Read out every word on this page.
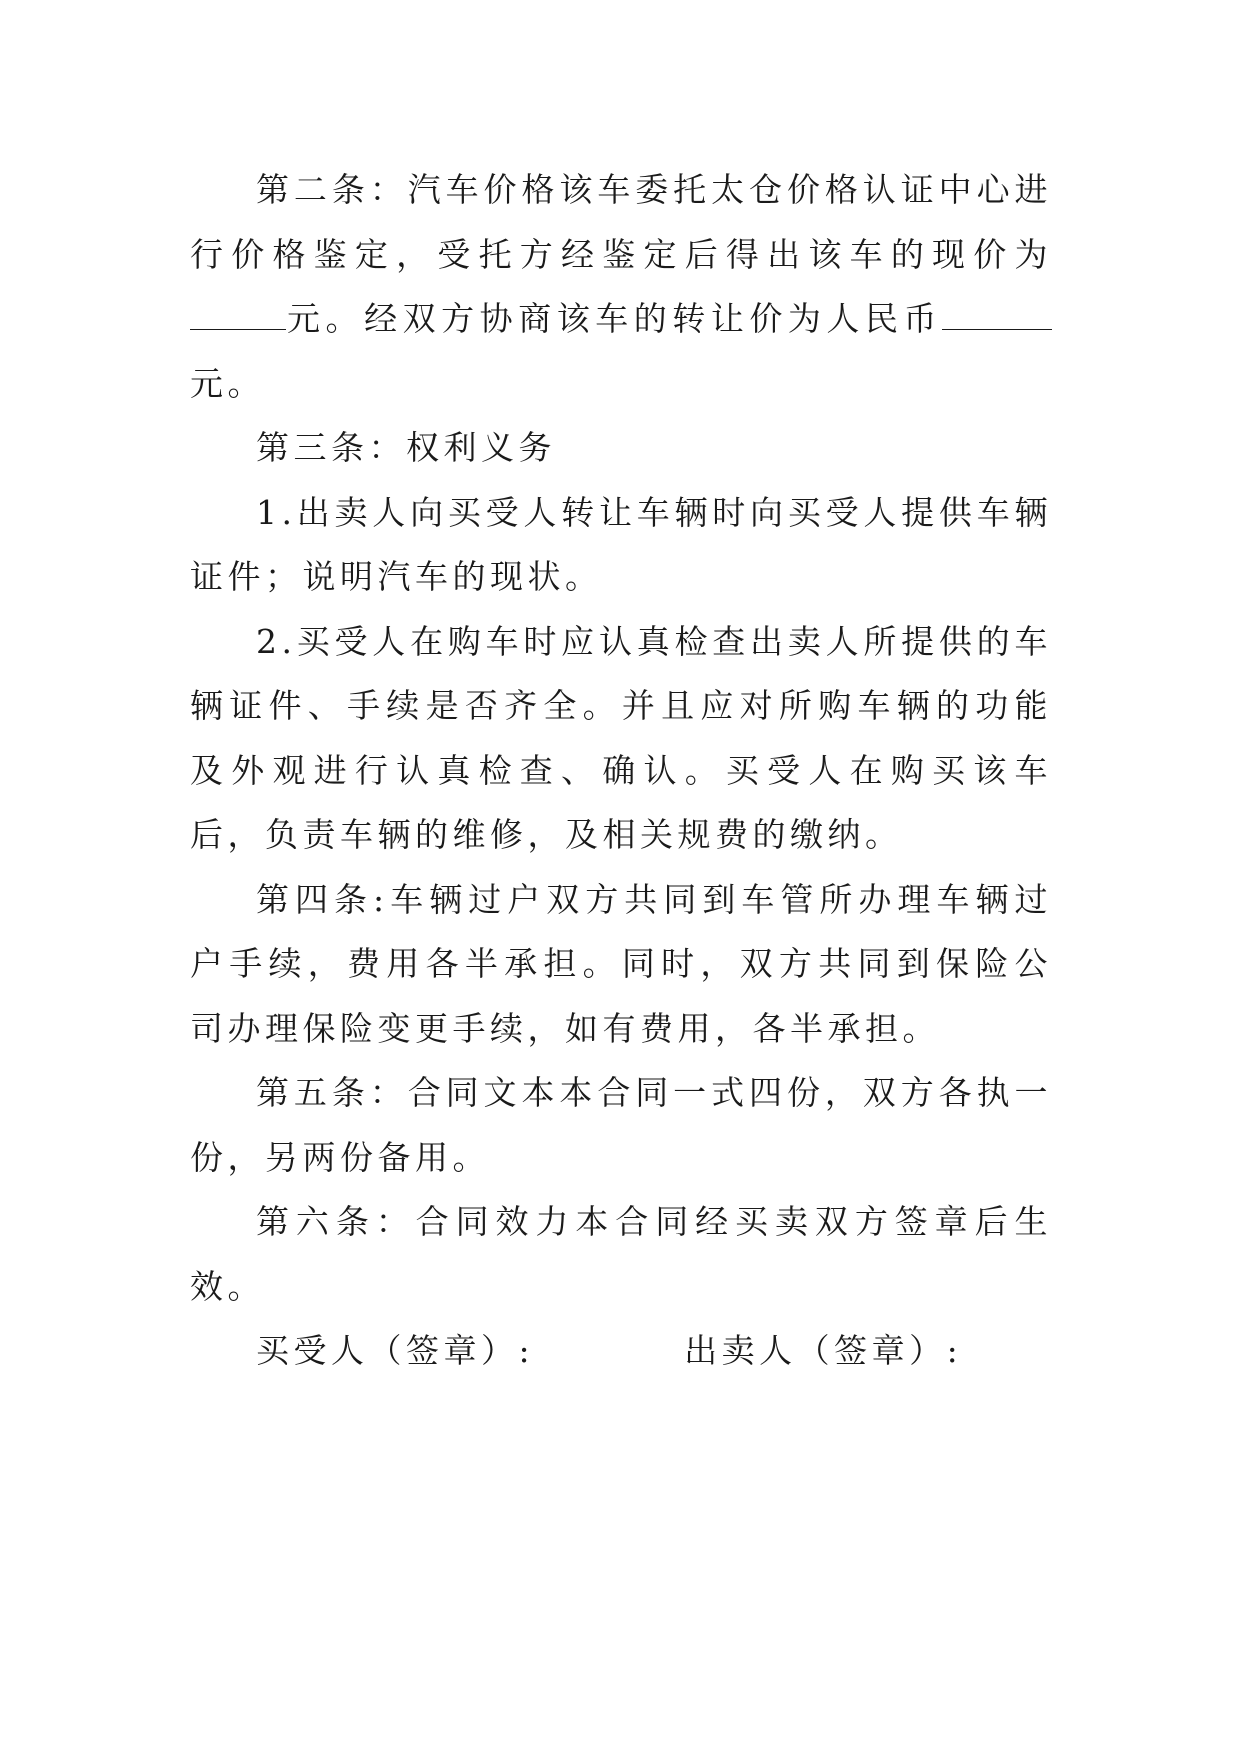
第二条：汽车价格该车委托太仓价格认证中心进行价格鉴定，受托方经鉴定后得出该车的现价为元。经双方协商该车的转让价为人民币元。

第三条：权利义务

1.出卖人向买受人转让车辆时向买受人提供车辆证件；说明汽车的现状。

2.买受人在购车时应认真检查出卖人所提供的车辆证件、手续是否齐全。并且应对所购车辆的功能及外观进行认真检查、确认。买受人在购买该车后，负责车辆的维修，及相关规费的缴纳。

第四条:车辆过户双方共同到车管所办理车辆过户手续，费用各半承担。同时，双方共同到保险公司办理保险变更手续，如有费用，各半承担。

第五条：合同文本本合同一式四份，双方各执一份，另两份备用。

第六条：合同效力本合同经买卖双方签章后生效。

买受人（签章）:	出卖人（签章）:
